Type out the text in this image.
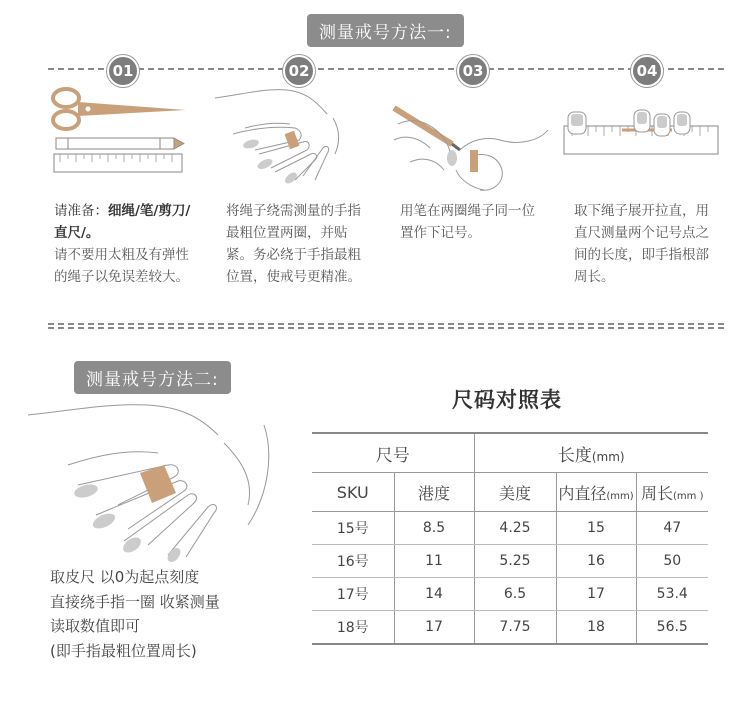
测量戒号方法一:
01	02	03	04
请准备：细绳/笔/剪刀/直尺/。
请不要用太粗及有弹性的绳子以免误差较大。
将绳子绕需测量的手指最粗位置两圈，并贴紧。务必绕于手指最粗位置，使戒号更精准。
用笔在两圈绳子同一位置作下记号。
取下绳子展开拉直，用直尺测量两个记号点之间的长度，即手指根部周长。
测量戒号方法二:
取皮尺 以0为起点刻度
直接绕手指一圈 收紧测量
读取数值即可
(即手指最粗位置周长)
尺码对照表
尺号		长度(mm)		
SKU	港度	美度	内直径(mm)	周长(mm )
15号	8.5	4.25	15	47
16号	11	5.25	16	50
17号	14	6.5	17	53.4
18号	17	7.75	18	56.5
